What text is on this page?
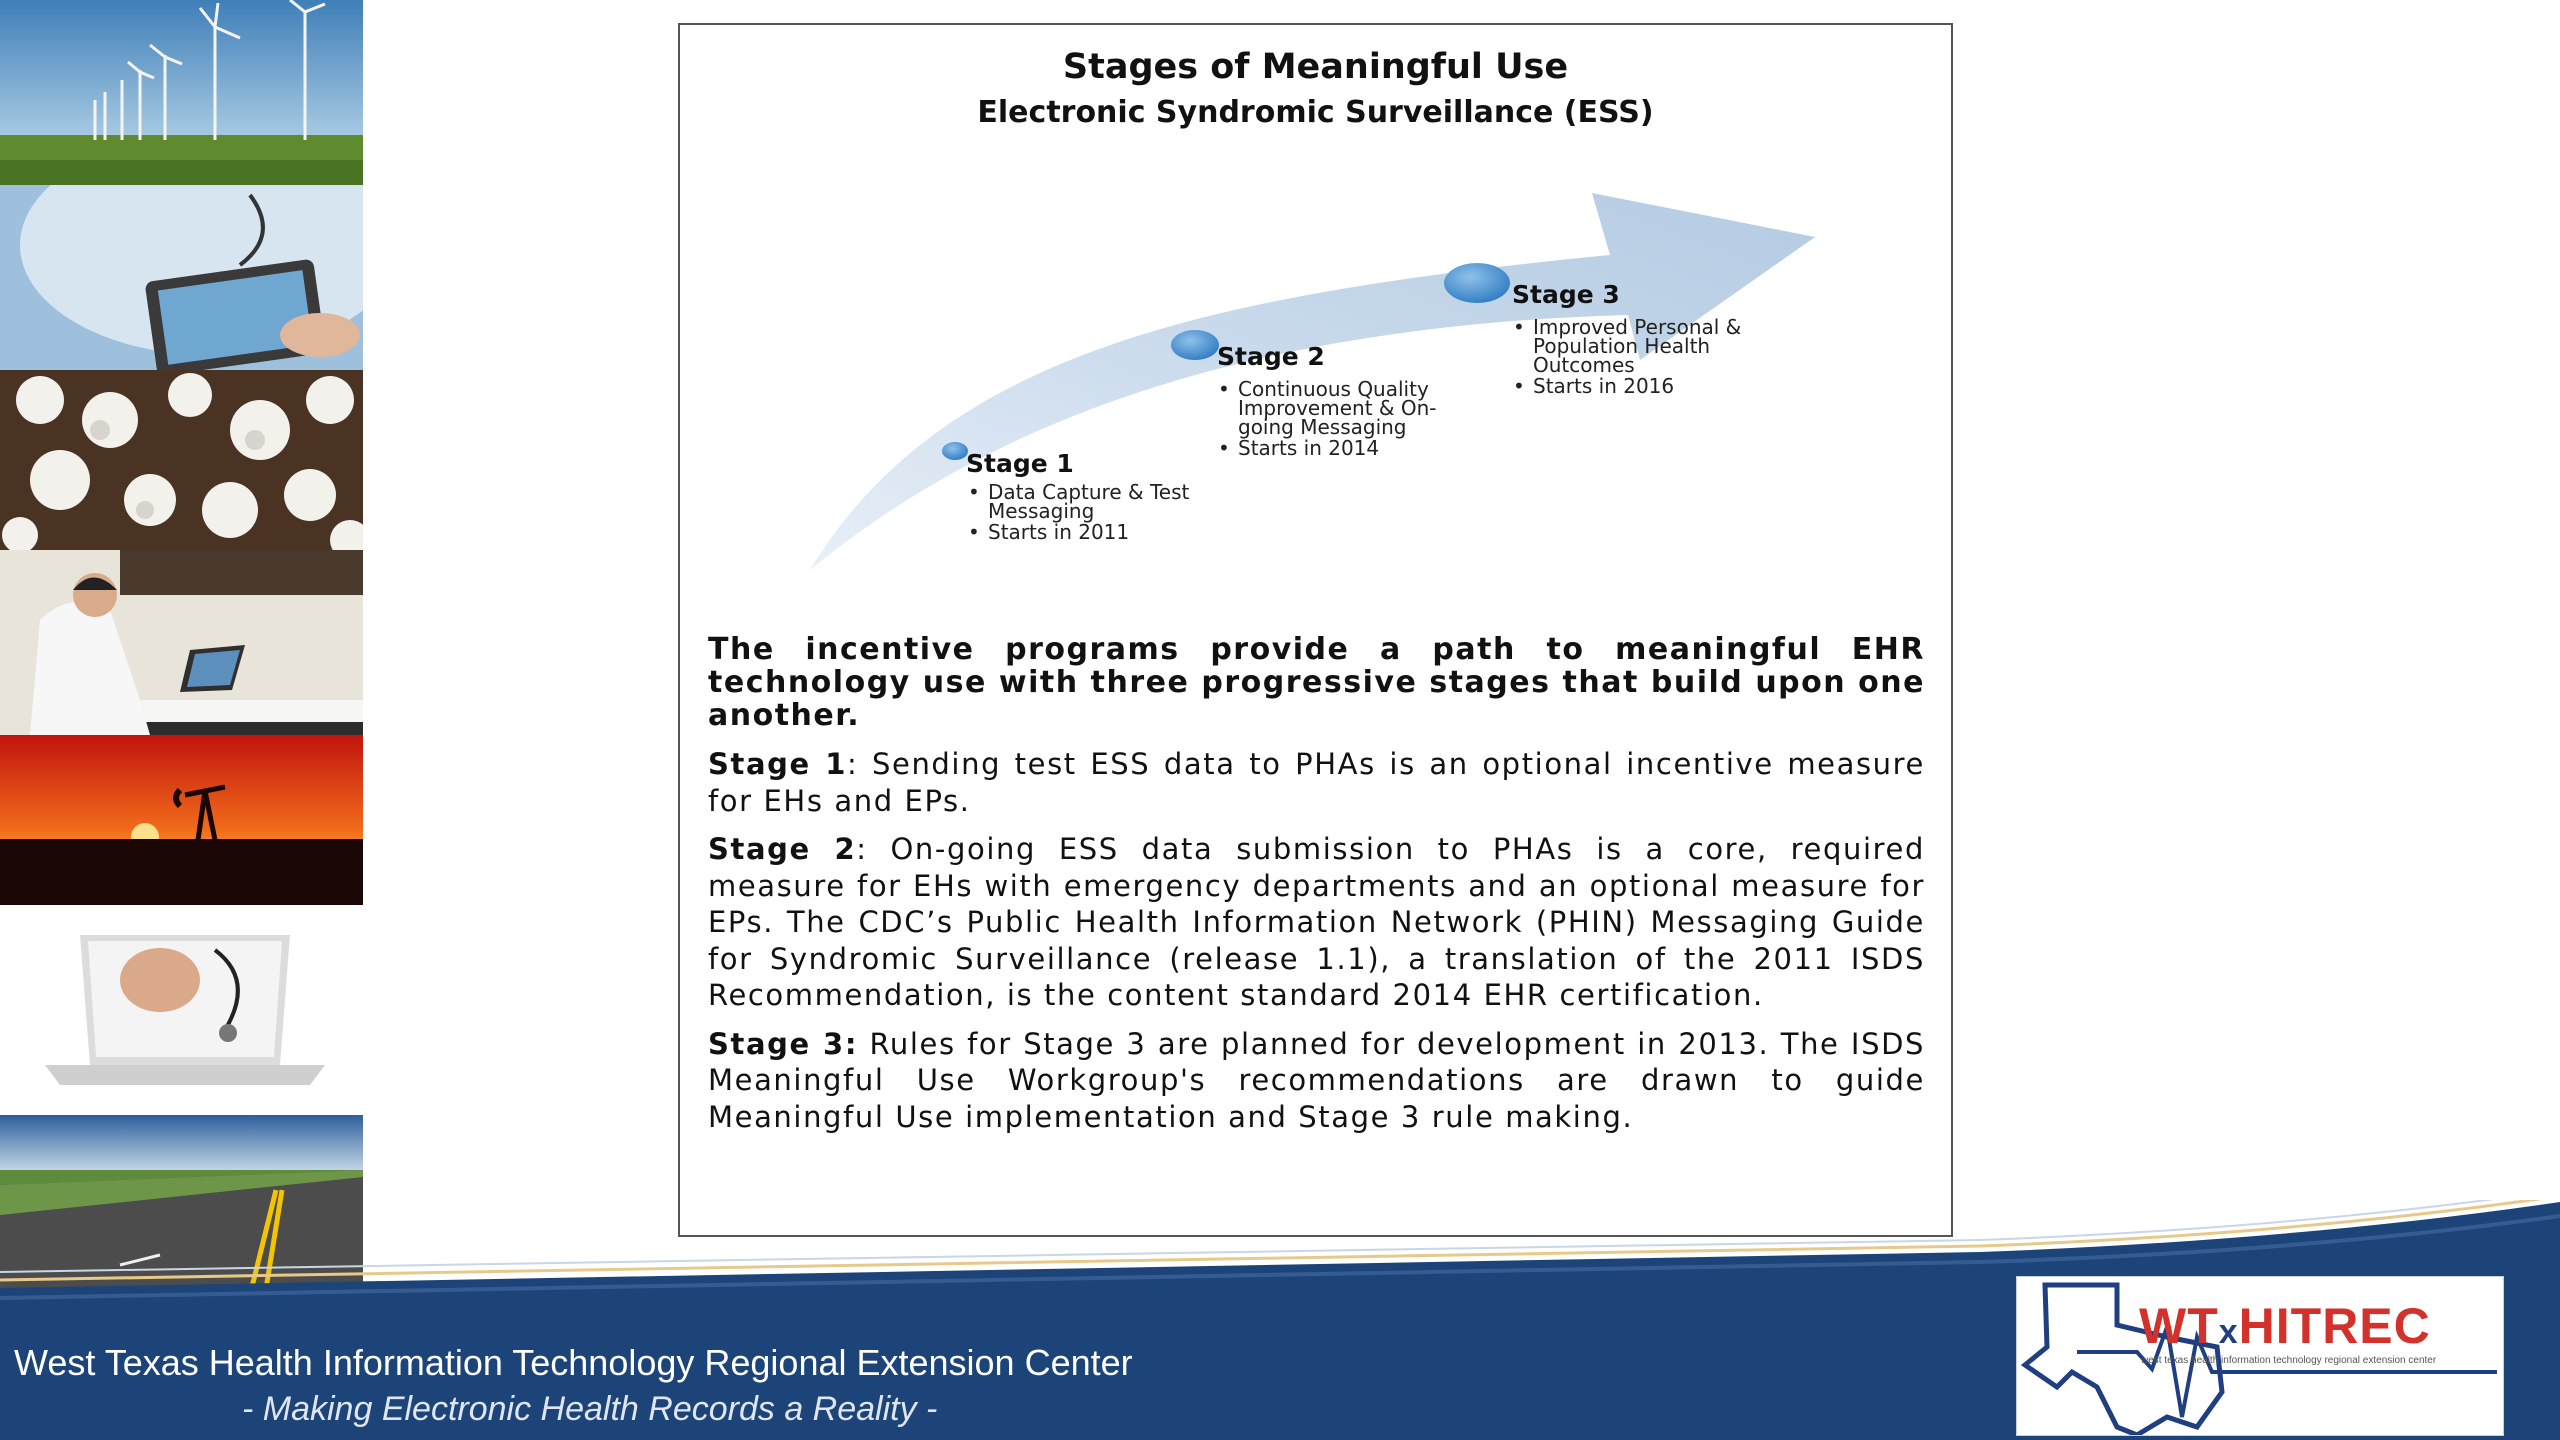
Stages of Meaningful Use
Electronic Syndromic Surveillance (ESS)
Stage 1
• Data Capture & Test Messaging
• Starts in 2011
Stage 2
• Continuous Quality Improvement & On-going Messaging
• Starts in 2014
Stage 3
• Improved Personal & Population Health Outcomes
• Starts in 2016

The incentive programs provide a path to meaningful EHR technology use with three progressive stages that build upon one another.

Stage 1: Sending test ESS data to PHAs is an optional incentive measure for EHs and EPs.

Stage 2: On-going ESS data submission to PHAs is a core, required measure for EHs with emergency departments and an optional measure for EPs. The CDC’s Public Health Information Network (PHIN) Messaging Guide for Syndromic Surveillance (release 1.1), a translation of the 2011 ISDS Recommendation, is the content standard 2014 EHR certification.

Stage 3: Rules for Stage 3 are planned for development in 2013. The ISDS Meaningful Use Workgroup's recommendations are drawn to guide Meaningful Use implementation and Stage 3 rule making.

West Texas Health Information Technology Regional Extension Center
- Making Electronic Health Records a Reality -
WTxHITREC
west texas health information technology regional extension center
